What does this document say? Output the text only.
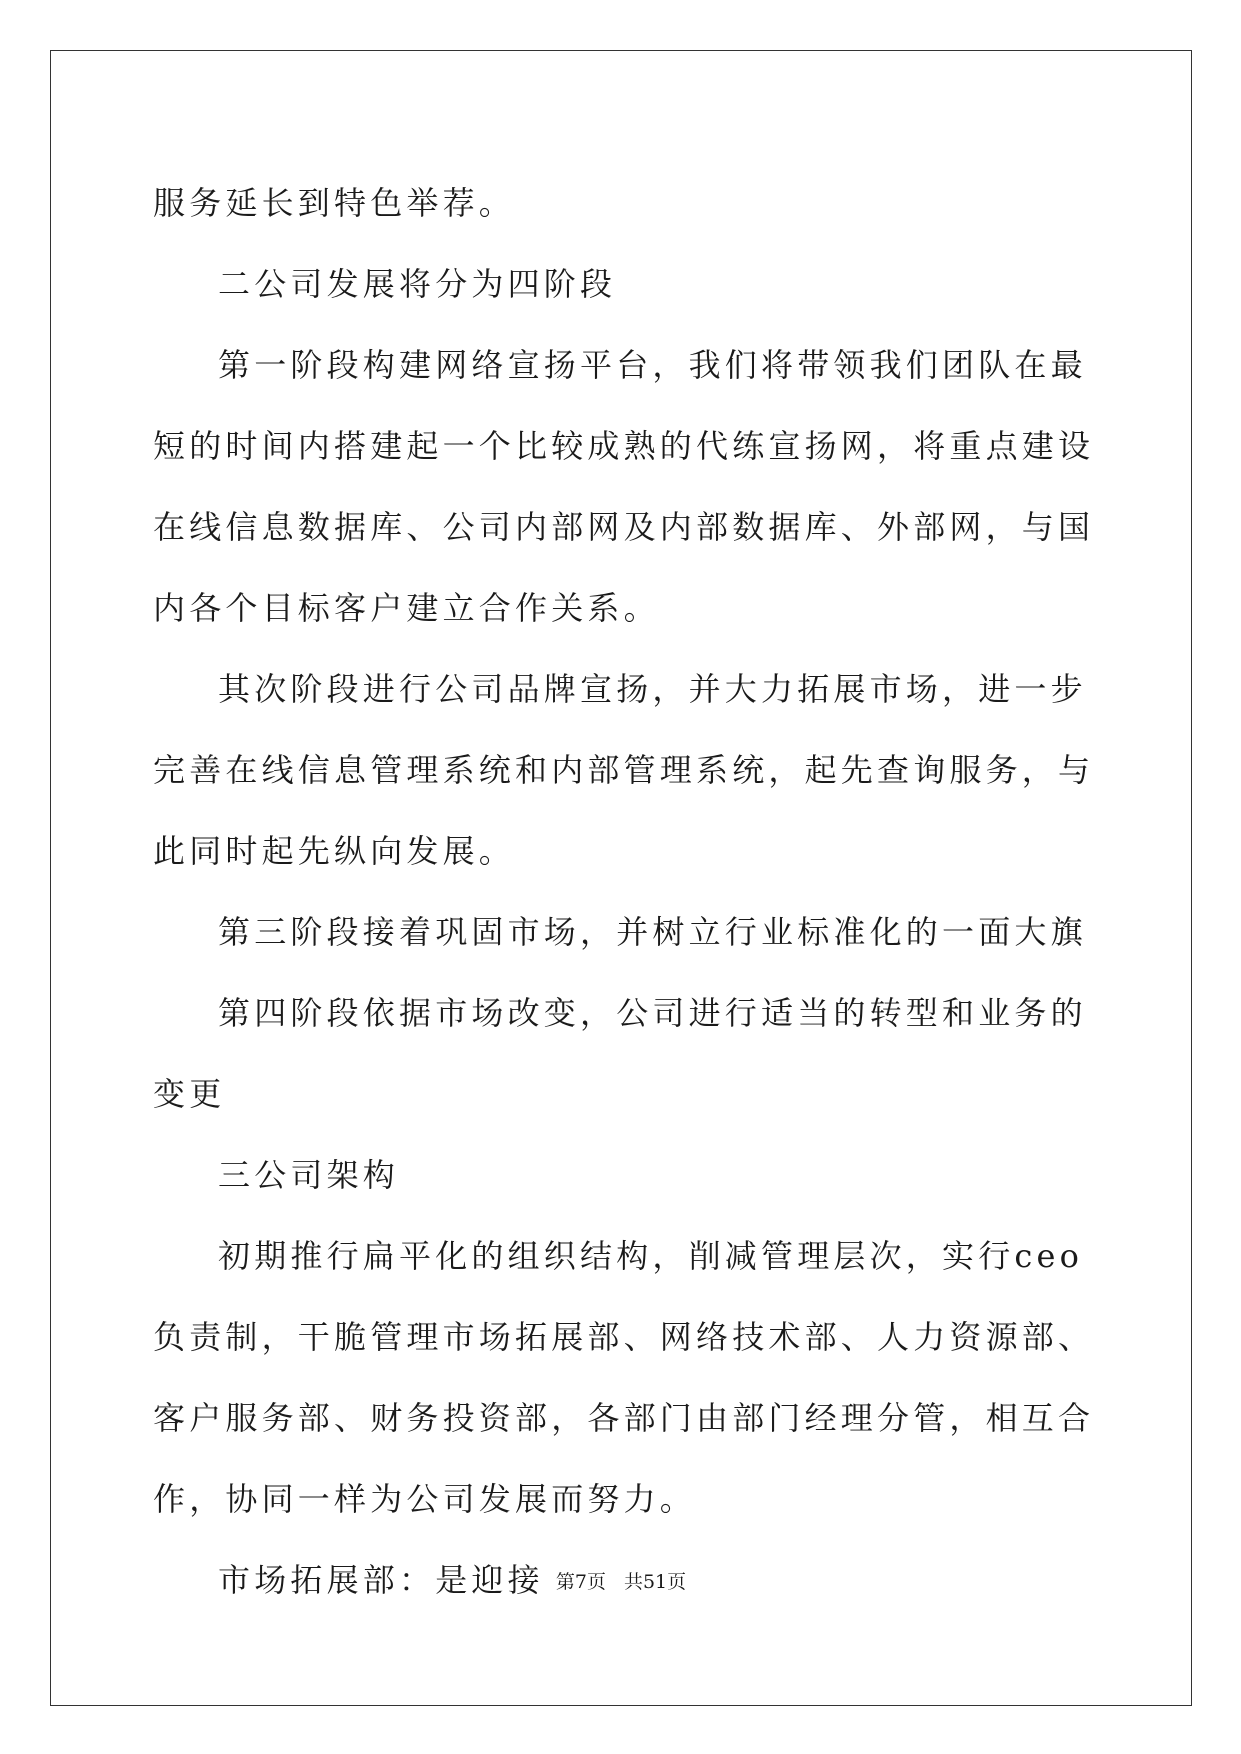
服务延长到特色举荐。

二公司发展将分为四阶段

第一阶段构建网络宣扬平台，我们将带领我们团队在最短的时间内搭建起一个比较成熟的代练宣扬网，将重点建设在线信息数据库、公司内部网及内部数据库、外部网，与国内各个目标客户建立合作关系。

其次阶段进行公司品牌宣扬，并大力拓展市场，进一步完善在线信息管理系统和内部管理系统，起先查询服务，与此同时起先纵向发展。

第三阶段接着巩固市场，并树立行业标准化的一面大旗

第四阶段依据市场改变，公司进行适当的转型和业务的变更

三公司架构

初期推行扁平化的组织结构，削减管理层次，实行ceo负责制，干脆管理市场拓展部、网络技术部、人力资源部、客户服务部、财务投资部，各部门由部门经理分管，相互合作，协同一样为公司发展而努力。

市场拓展部：是迎接 第7页 共51页
